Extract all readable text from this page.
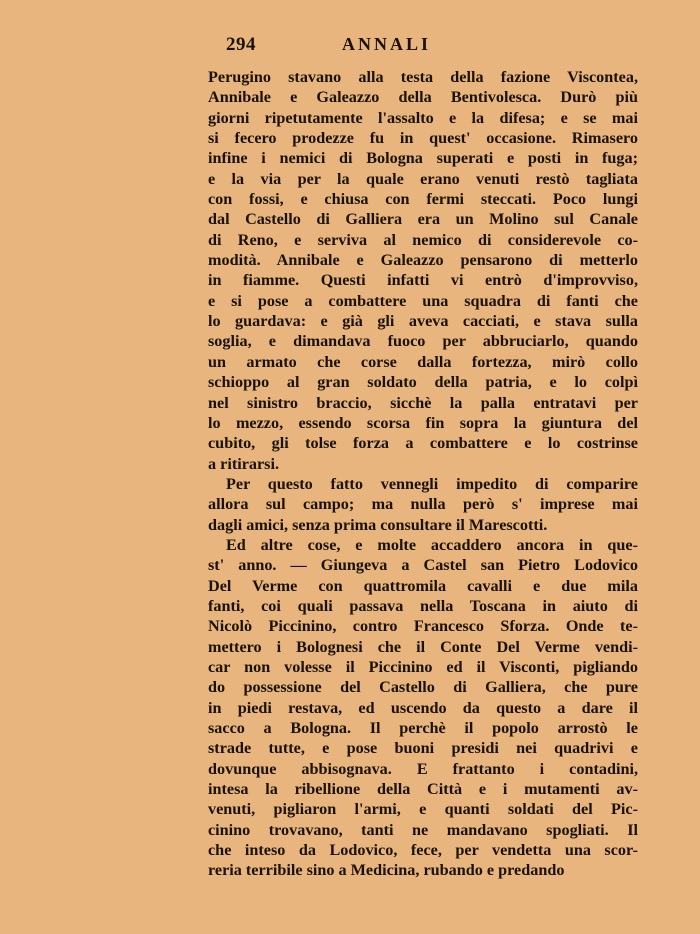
294	ANNALI
Perugino stavano alla testa della fazione Viscontea,
Annibale e Galeazzo della Bentivolesca. Durò più
giorni ripetutamente l'assalto e la difesa; e se mai
si fecero prodezze fu in quest' occasione. Rimasero
infine i nemici di Bologna superati e posti in fuga;
e la via per la quale erano venuti restò tagliata
con fossi, e chiusa con fermi steccati. Poco lungi
dal Castello di Galliera era un Molino sul Canale
di Reno, e serviva al nemico di considerevole co-
modità. Annibale e Galeazzo pensarono di metterlo
in fiamme. Questi infatti vi entrò d'improvviso,
e si pose a combattere una squadra di fanti che
lo guardava: e già gli aveva cacciati, e stava sulla
soglia, e dimandava fuoco per abbruciarlo, quando
un armato che corse dalla fortezza, mirò collo
schioppo al gran soldato della patria, e lo colpì
nel sinistro braccio, sicchè la palla entratavi per
lo mezzo, essendo scorsa fin sopra la giuntura del
cubito, gli tolse forza a combattere e lo costrinse
a ritirarsi.
Per questo fatto vennegli impedito di comparire
allora sul campo; ma nulla però s' imprese mai
dagli amici, senza prima consultare il Marescotti.
Ed altre cose, e molte accaddero ancora in que-
st' anno. — Giungeva a Castel san Pietro Lodovico
Del Verme con quattromila cavalli e due mila
fanti, coi quali passava nella Toscana in aiuto di
Nicolò Piccinino, contro Francesco Sforza. Onde te-
mettero i Bolognesi che il Conte Del Verme vendi-
car non volesse il Piccinino ed il Visconti, pigliando
do possessione del Castello di Galliera, che pure
in piedi restava, ed uscendo da questo a dare il
sacco a Bologna. Il perchè il popolo arrostò le
strade tutte, e pose buoni presidi nei quadrivi e
dovunque abbisognava. E frattanto i contadini,
intesa la ribellione della Città e i mutamenti av-
venuti, pigliaron l'armi, e quanti soldati del Pic-
cinino trovavano, tanti ne mandavano spogliati. Il
che inteso da Lodovico, fece, per vendetta una scor-
reria terribile sino a Medicina, rubando e predando
